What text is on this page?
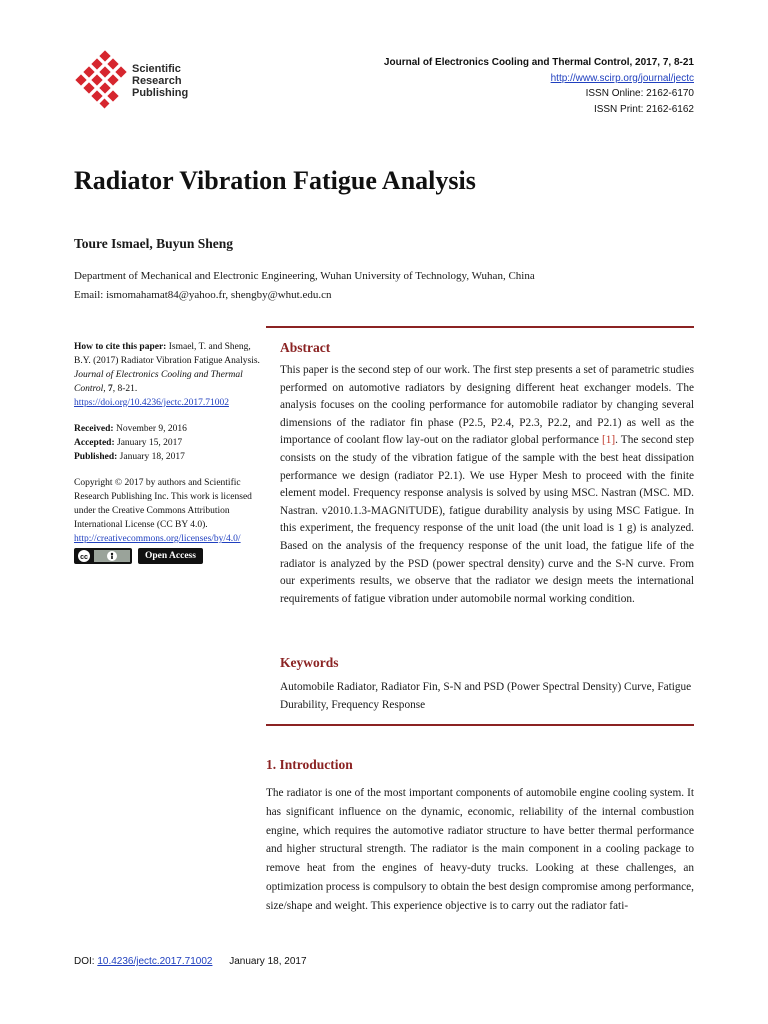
Scientific
Research
Publishing
Journal of Electronics Cooling and Thermal Control, 2017, 7, 8-21
http://www.scirp.org/journal/jectc
ISSN Online: 2162-6170
ISSN Print: 2162-6162
Radiator Vibration Fatigue Analysis
Toure Ismael, Buyun Sheng
Department of Mechanical and Electronic Engineering, Wuhan University of Technology, Wuhan, China
Email: ismomahamat84@yahoo.fr, shengby@whut.edu.cn
How to cite this paper: Ismael, T. and Sheng, B.Y. (2017) Radiator Vibration Fatigue Analysis. Journal of Electronics Cooling and Thermal Control, 7, 8-21.
https://doi.org/10.4236/jectc.2017.71002
Received: November 9, 2016
Accepted: January 15, 2017
Published: January 18, 2017
Copyright © 2017 by authors and Scientific Research Publishing Inc. This work is licensed under the Creative Commons Attribution International License (CC BY 4.0).
http://creativecommons.org/licenses/by/4.0/
cc	Open Access
Abstract
This paper is the second step of our work. The first step presents a set of parametric studies performed on automotive radiators by designing different heat exchanger models. The analysis focuses on the cooling performance for automobile radiator by changing several dimensions of the radiator fin phase (P2.5, P2.4, P2.3, P2.2, and P2.1) as well as the importance of coolant flow lay-out on the radiator global performance [1]. The second step consists on the study of the vibration fatigue of the sample with the best heat dissipation performance we design (radiator P2.1). We use Hyper Mesh to proceed with the finite element model. Frequency response analysis is solved by using MSC. Nastran (MSC. MD. Nastran. v2010.1.3-MAGNiTUDE), fatigue durability analysis by using MSC Fatigue. In this experiment, the frequency response of the unit load (the unit load is 1 g) is analyzed. Based on the analysis of the frequency response of the unit load, the fatigue life of the radiator is analyzed by the PSD (power spectral density) curve and the S-N curve. From our experiments results, we observe that the radiator we design meets the international requirements of fatigue vibration under automobile normal working condition.
Keywords
Automobile Radiator, Radiator Fin, S-N and PSD (Power Spectral Density) Curve, Fatigue Durability, Frequency Response
1. Introduction
The radiator is one of the most important components of automobile engine cooling system. It has significant influence on the dynamic, economic, reliability of the internal combustion engine, which requires the automotive radiator structure to have better thermal performance and higher structural strength. The radiator is the main component in a cooling package to remove heat from the engines of heavy-duty trucks. Looking at these challenges, an optimization process is compulsory to obtain the best design compromise among performance, size/shape and weight. This experience objective is to carry out the radiator fati-
DOI: 10.4236/jectc.2017.71002 January 18, 2017
